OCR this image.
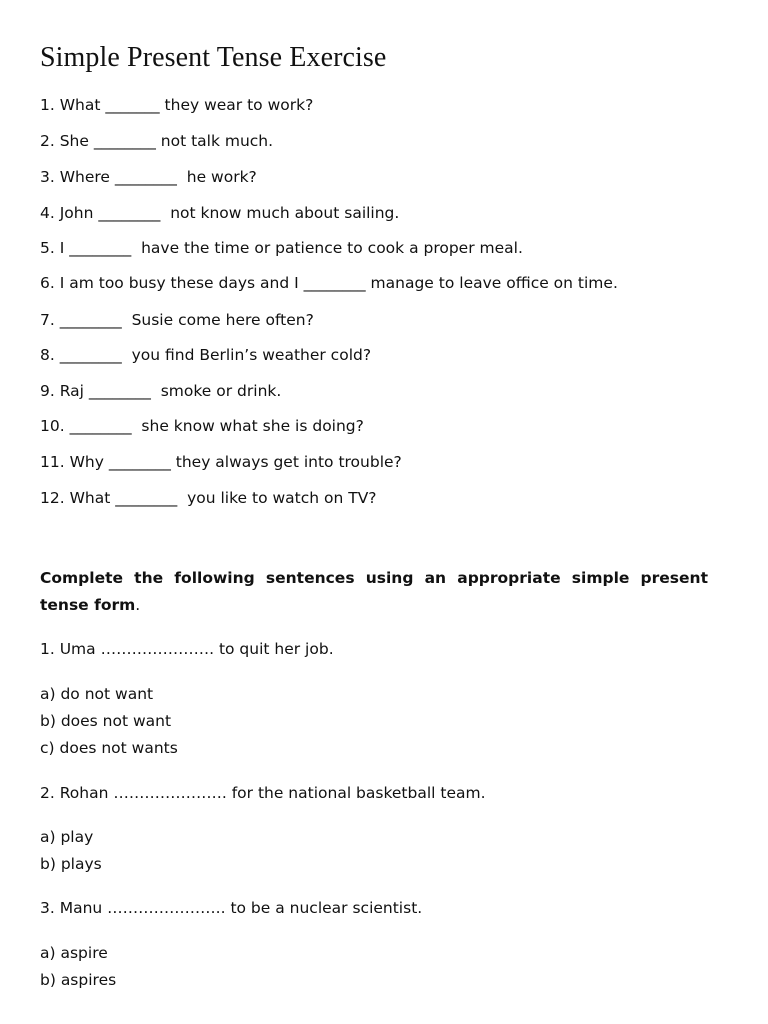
Simple Present Tense Exercise
1. What _______ they wear to work?
2. She ________ not talk much.
3. Where ________  he work?
4. John ________  not know much about sailing.
5. I ________  have the time or patience to cook a proper meal.
6. I am too busy these days and I ________ manage to leave office on time.
7. ________  Susie come here often?
8. ________  you find Berlin’s weather cold?
9. Raj ________  smoke or drink.
10. ________  she know what she is doing?
11. Why ________ they always get into trouble?
12. What ________  you like to watch on TV?
Complete the following sentences using an appropriate simple present tense form.
1. Uma …………………. to quit her job.
a) do not want
b) does not want
c) does not wants
2. Rohan …………………. for the national basketball team.
a) play
b) plays
3. Manu ………………….. to be a nuclear scientist.
a) aspire
b) aspires
